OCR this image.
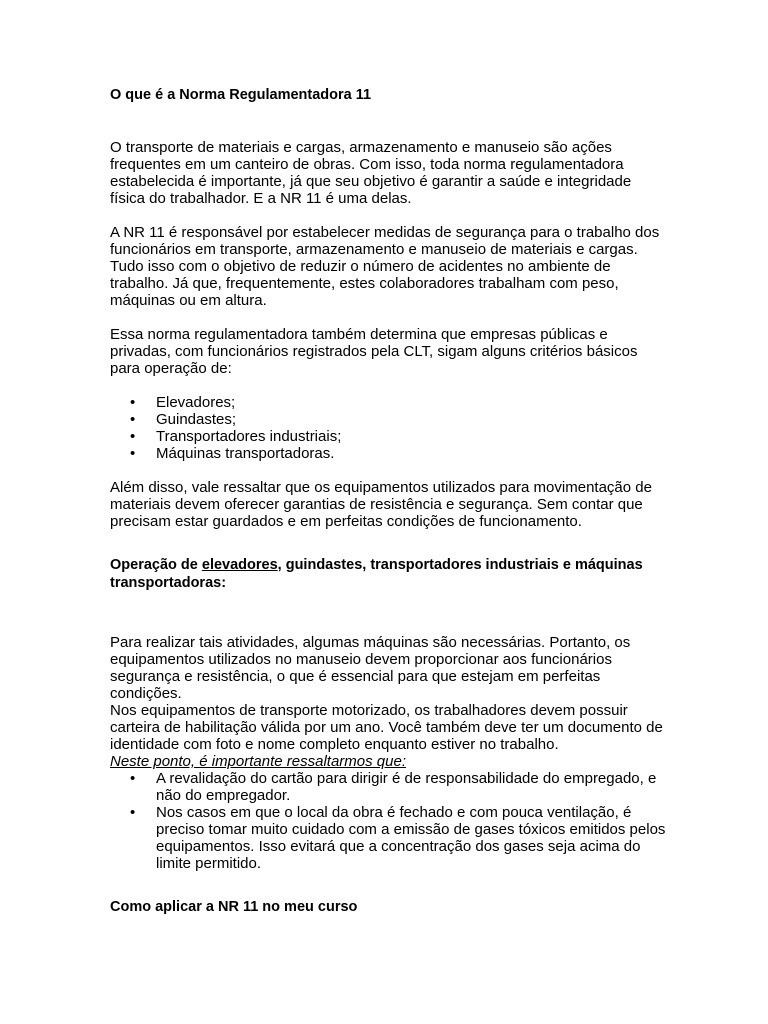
O que é a Norma Regulamentadora 11

O transporte de materiais e cargas, armazenamento e manuseio são ações frequentes em um canteiro de obras. Com isso, toda norma regulamentadora estabelecida é importante, já que seu objetivo é garantir a saúde e integridade física do trabalhador. E a NR 11 é uma delas.

A NR 11 é responsável por estabelecer medidas de segurança para o trabalho dos funcionários em transporte, armazenamento e manuseio de materiais e cargas. Tudo isso com o objetivo de reduzir o número de acidentes no ambiente de trabalho. Já que, frequentemente, estes colaboradores trabalham com peso, máquinas ou em altura.

Essa norma regulamentadora também determina que empresas públicas e privadas, com funcionários registrados pela CLT, sigam alguns critérios básicos para operação de:

• Elevadores;
• Guindastes;
• Transportadores industriais;
• Máquinas transportadoras.

Além disso, vale ressaltar que os equipamentos utilizados para movimentação de materiais devem oferecer garantias de resistência e segurança. Sem contar que precisam estar guardados e em perfeitas condições de funcionamento.

Operação de elevadores, guindastes, transportadores industriais e máquinas transportadoras:

Para realizar tais atividades, algumas máquinas são necessárias. Portanto, os equipamentos utilizados no manuseio devem proporcionar aos funcionários segurança e resistência, o que é essencial para que estejam em perfeitas condições.

Nos equipamentos de transporte motorizado, os trabalhadores devem possuir carteira de habilitação válida por um ano. Você também deve ter um documento de identidade com foto e nome completo enquanto estiver no trabalho.

Neste ponto, é importante ressaltarmos que:

• A revalidação do cartão para dirigir é de responsabilidade do empregado, e não do empregador.
• Nos casos em que o local da obra é fechado e com pouca ventilação, é preciso tomar muito cuidado com a emissão de gases tóxicos emitidos pelos equipamentos. Isso evitará que a concentração dos gases seja acima do limite permitido.
Como aplicar a NR 11 no meu curso
